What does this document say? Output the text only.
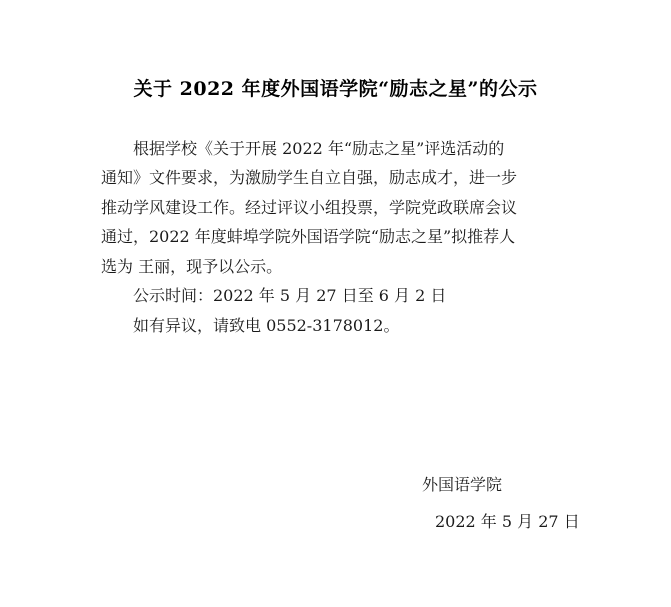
关于 2022 年度外国语学院“励志之星”的公示
根据学校《关于开展 2022 年“励志之星”评选活动的
通知》文件要求，为激励学生自立自强，励志成才，进一步
推动学风建设工作。经过评议小组投票，学院党政联席会议
通过，2022 年度蚌埠学院外国语学院“励志之星”拟推荐人
选为 王丽，现予以公示。
公示时间：2022 年 5 月 27 日至 6 月 2 日
如有异议，请致电 0552-3178012。
外国语学院
2022 年 5 月 27 日
